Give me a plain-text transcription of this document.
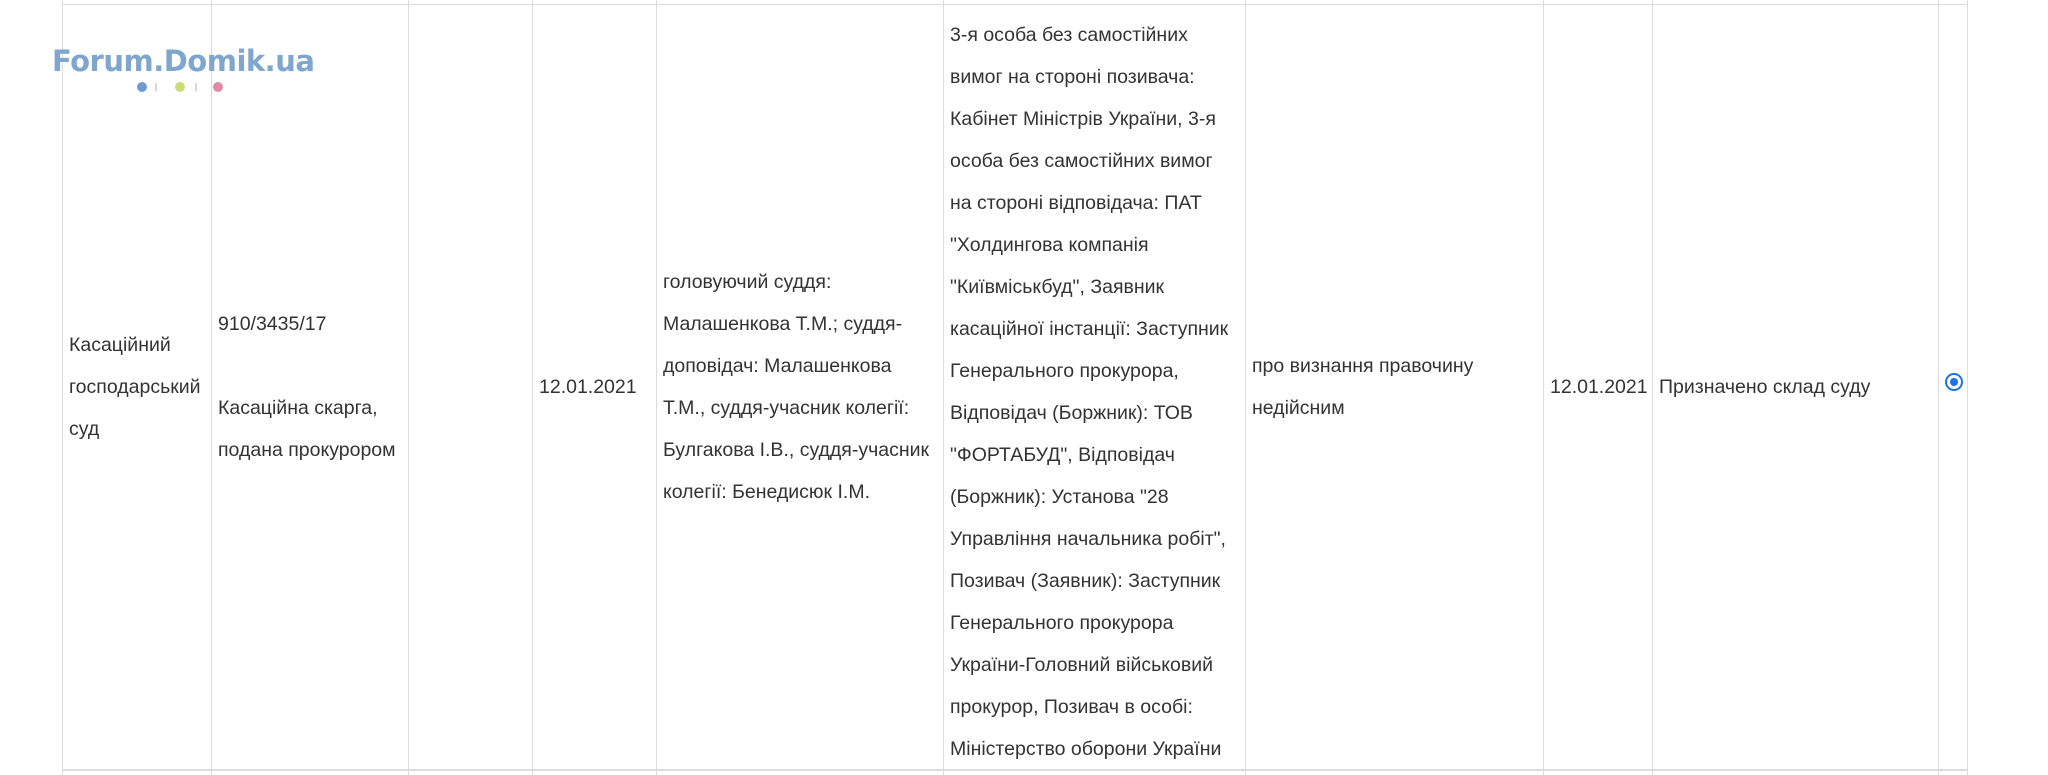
Касаційний господарський суд
910/3435/17
Касаційна скарга, подана прокурором
12.01.2021
головуючий суддя: Малашенкова Т.М.; суддя-доповідач: Малашенкова Т.М., суддя-учасник колегії: Булгакова І.В., суддя-учасник колегії: Бенедисюк І.М.
3-я особа без самостійних вимог на стороні позивача: Кабінет Міністрів України, 3-я особа без самостійних вимог на стороні відповідача: ПАТ "Холдингова компанія "Київміськбуд", Заявник касаційної інстанції: Заступник Генерального прокурора, Відповідач (Боржник): ТОВ "ФОРТАБУД", Відповідач (Боржник): Установа "28 Управління начальника робіт", Позивач (Заявник): Заступник Генерального прокурора України-Головний військовий прокурор, Позивач в особі: Міністерство оборони України
про визнання правочину недійсним
12.01.2021 Призначено склад суду
Forum.Domik.ua
